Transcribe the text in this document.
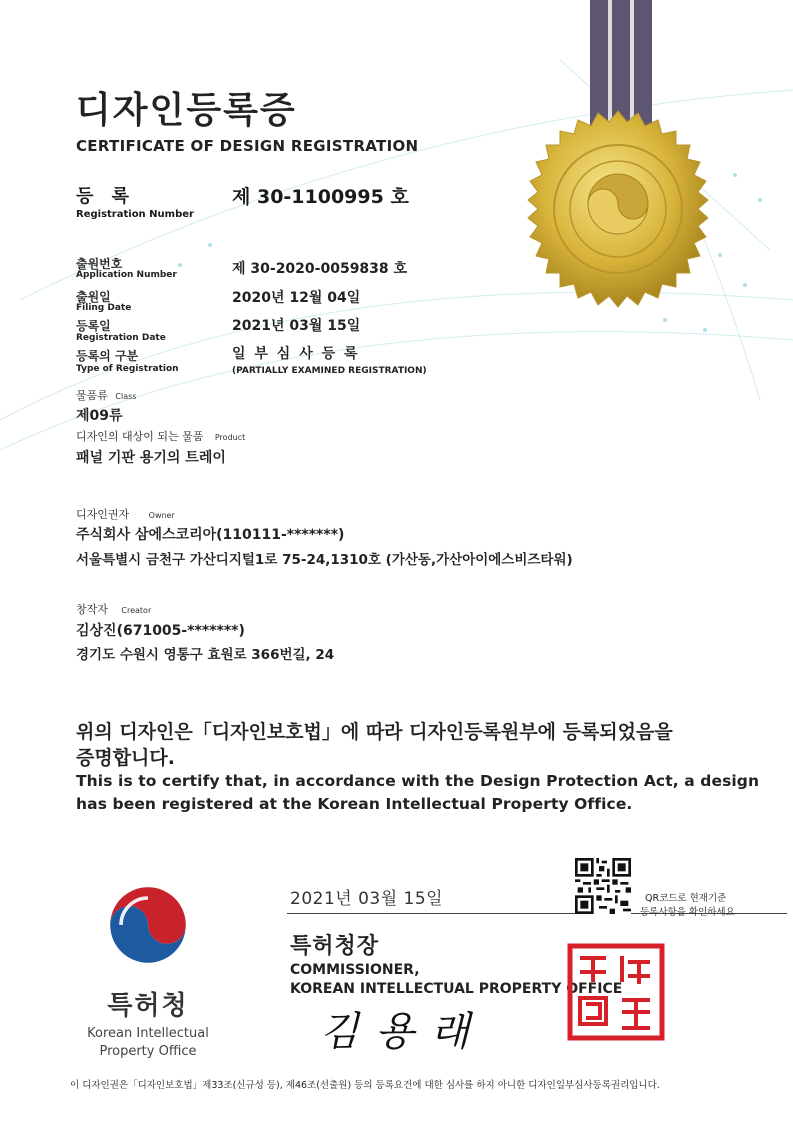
디자인등록증
CERTIFICATE OF DESIGN REGISTRATION
등 록
Registration Number
제 30-1100995 호
출원번호
Application Number	제 30-2020-0059838 호
출원일
Filing Date
2020년 12월 04일
등록일
Registration Date
2021년 03월 15일
등록의 구분
Type of Registration
일 부 심 사 등 록
(PARTIALLY EXAMINED REGISTRATION)
물품류 Class
제09류
디자인의 대상이 되는 물품 Product
패널 기판 용기의 트레이
디자인권자 Owner
주식회사 삼에스코리아(110111-*******)
서울특별시 금천구 가산디지털1로 75-24,1310호 (가산동,가산아이에스비즈타워)
창작자 Creator
김상진(671005-*******)
경기도 수원시 영통구 효원로 366번길, 24
위의 디자인은「디자인보호법」에 따라 디자인등록원부에 등록되었음을
증명합니다.
This is to certify that, in accordance with the Design Protection Act, a design
has been registered at the Korean Intellectual Property Office.
특허청
Korean Intellectual
Property Office
2021년 03월 15일	QR코드로 현재기준
등록사항을 확인하세요
특허청장
COMMISSIONER,
KOREAN INTELLECTUAL PROPERTY OFFICE
김 용 래
이 디자인권은「디자인보호법」제33조(신규성 등), 제46조(선출원) 등의 등록요건에 대한 심사를 하지 아니한 디자인일부심사등록권리입니다.
